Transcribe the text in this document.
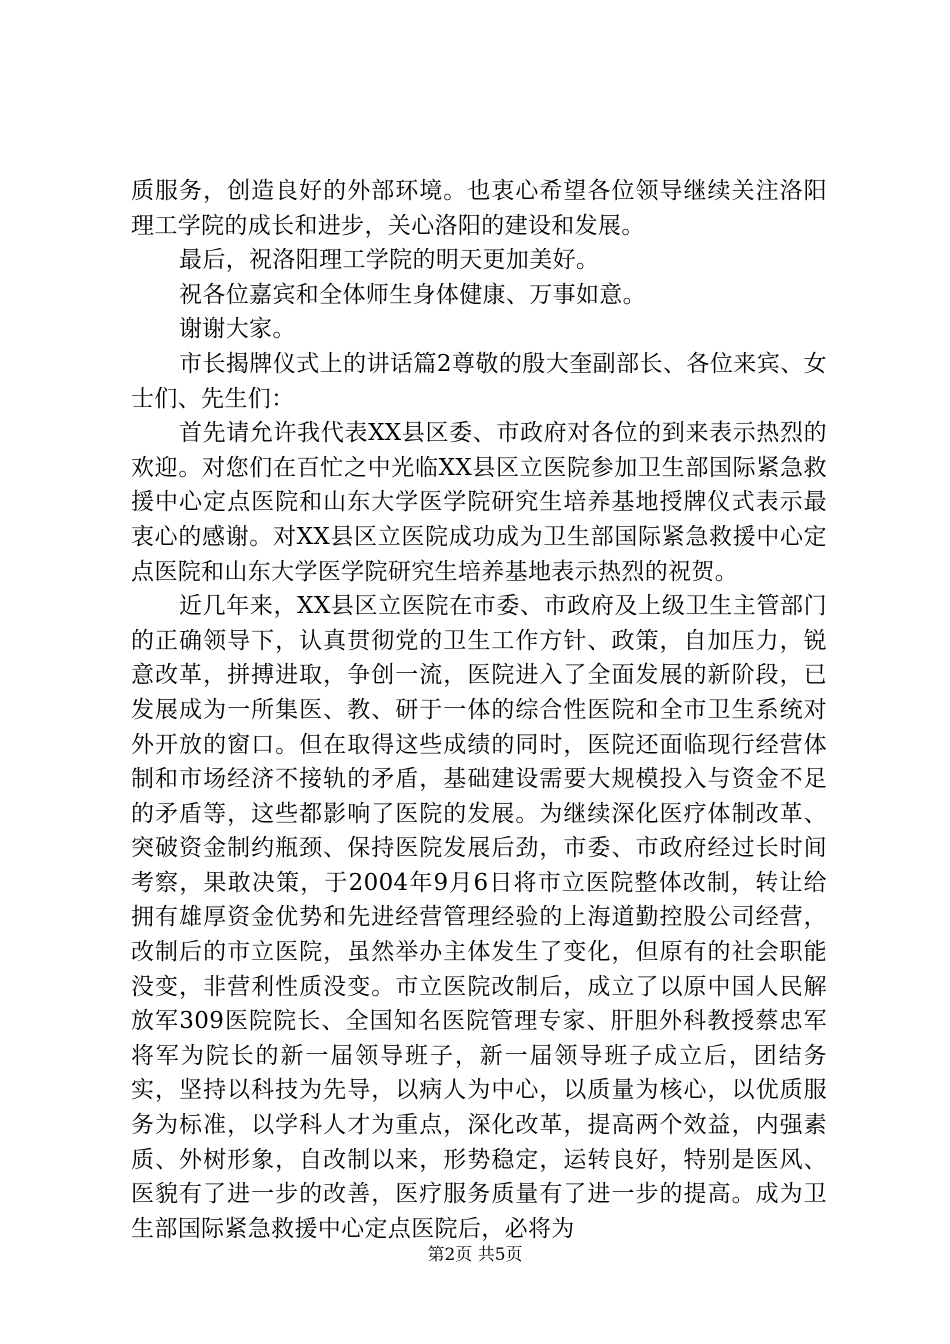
质服务，创造良好的外部环境。也衷心希望各位领导继续关注洛阳理工学院的成长和进步，关心洛阳的建设和发展。

最后，祝洛阳理工学院的明天更加美好。

祝各位嘉宾和全体师生身体健康、万事如意。

谢谢大家。

市长揭牌仪式上的讲话篇2尊敬的殷大奎副部长、各位来宾、女士们、先生们：

首先请允许我代表XX县区委、市政府对各位的到来表示热烈的欢迎。对您们在百忙之中光临XX县区立医院参加卫生部国际紧急救援中心定点医院和山东大学医学院研究生培养基地授牌仪式表示最衷心的感谢。对XX县区立医院成功成为卫生部国际紧急救援中心定点医院和山东大学医学院研究生培养基地表示热烈的祝贺。

近几年来，XX县区立医院在市委、市政府及上级卫生主管部门的正确领导下，认真贯彻党的卫生工作方针、政策，自加压力，锐意改革，拼搏进取，争创一流，医院进入了全面发展的新阶段，已发展成为一所集医、教、研于一体的综合性医院和全市卫生系统对外开放的窗口。但在取得这些成绩的同时，医院还面临现行经营体制和市场经济不接轨的矛盾，基础建设需要大规模投入与资金不足的矛盾等，这些都影响了医院的发展。为继续深化医疗体制改革、突破资金制约瓶颈、保持医院发展后劲，市委、市政府经过长时间考察，果敢决策，于2004年9月6日将市立医院整体改制，转让给拥有雄厚资金优势和先进经营管理经验的上海道勤控股公司经营，改制后的市立医院，虽然举办主体发生了变化，但原有的社会职能没变，非营利性质没变。市立医院改制后，成立了以原中国人民解放军309医院院长、全国知名医院管理专家、肝胆外科教授蔡忠军将军为院长的新一届领导班子，新一届领导班子成立后，团结务实，坚持以科技为先导，以病人为中心，以质量为核心，以优质服务为标准，以学科人才为重点，深化改革，提高两个效益，内强素质、外树形象，自改制以来，形势稳定，运转良好，特别是医风、医貌有了进一步的改善，医疗服务质量有了进一步的提高。成为卫生部国际紧急救援中心定点医院后，必将为

第2页 共5页
